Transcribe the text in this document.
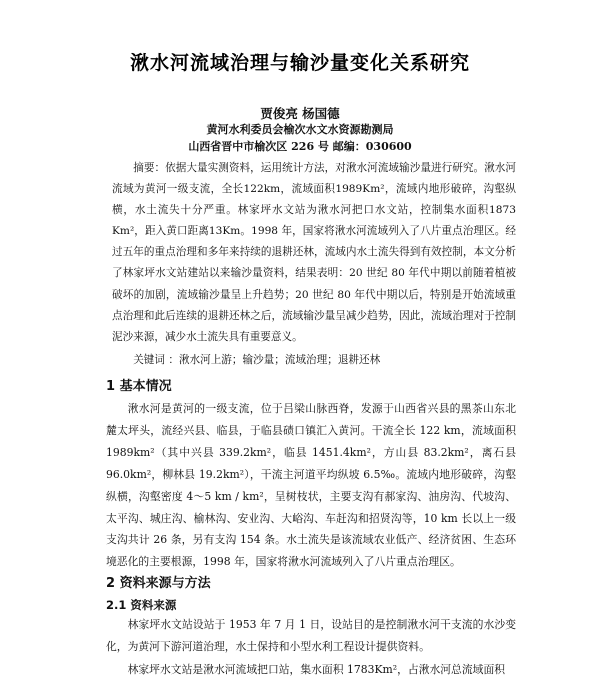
湫水河流域治理与输沙量变化关系研究
贾俊亮 杨国德
黄河水利委员会榆次水文水资源勘测局
山西省晋中市榆次区 226 号 邮编：030600

摘要：依据大量实测资料，运用统计方法，对湫水河流域输沙量进行研究。湫水河流域为黄河一级支流，全长122km，流域面积1989Km²，流域内地形破碎，沟壑纵横，水土流失十分严重。林家坪水文站为湫水河把口水文站，控制集水面积1873 Km²，距入黄口距离13Km。1998 年，国家将湫水河流域列入了八片重点治理区。经过五年的重点治理和多年来持续的退耕还林，流域内水土流失得到有效控制，本文分析了林家坪水文站建站以来输沙量资料，结果表明：20 世纪 80 年代中期以前随着植被破坏的加剧，流域输沙量呈上升趋势；20 世纪 80 年代中期以后，特别是开始流域重点治理和此后连续的退耕还林之后，流域输沙量呈减少趋势，因此，流域治理对于控制泥沙来源，减少水土流失具有重要意义。

关键词 ：湫水河上游；输沙量；流域治理；退耕还林

1 基本情况

湫水河是黄河的一级支流，位于吕梁山脉西脊，发源于山西省兴县的黑茶山东北麓太坪头，流经兴县、临县，于临县碛口镇汇入黄河。干流全长 122 km，流域面积 1989km²（其中兴县 339.2km²，临县 1451.4km²，方山县 83.2km²，离石县 96.0km²，柳林县 19.2km²），干流主河道平均纵坡 6.5‰。流域内地形破碎，沟壑纵横，沟壑密度 4～5 km / km²，呈树枝状，主要支沟有郝家沟、油房沟、代坡沟、太平沟、城庄沟、榆林沟、安业沟、大峪沟、车赶沟和招贤沟等，10 km 长以上一级支沟共计 26 条，另有支沟 154 条。水土流失是该流域农业低产、经济贫困、生态环境恶化的主要根源，1998 年，国家将湫水河流域列入了八片重点治理区。

2 资料来源与方法
2.1 资料来源

林家坪水文站设站于 1953 年 7 月 1 日，设站目的是控制湫水河干支流的水沙变化，为黄河下游河道治理，水土保持和小型水利工程设计提供资料。

林家坪水文站是湫水河流域把口站，集水面积 1783Km²，占湫水河总流域面积
